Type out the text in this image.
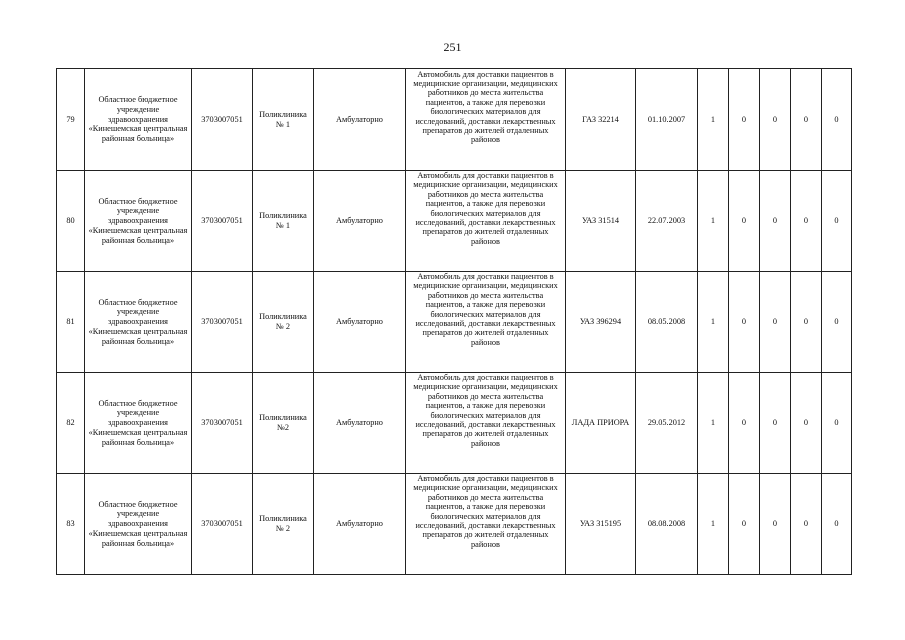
251
79	Областное бюджетное учреждение здравоохранения «Кинешемская центральная районная больница»	3703007051	Поликлиника № 1	Амбулаторно	Автомобиль для доставки пациентов в медицинские организации, медицинских работников до места жительства пациентов, а также для перевозки биологических материалов для исследований, доставки лекарственных препаратов до жителей отдаленных районов	ГАЗ 32214	01.10.2007	1	0	0	0	0
80	Областное бюджетное учреждение здравоохранения «Кинешемская центральная районная больница»	3703007051	Поликлиника № 1	Амбулаторно	Автомобиль для доставки пациентов в медицинские организации, медицинских работников до места жительства пациентов, а также для перевозки биологических материалов для исследований, доставки лекарственных препаратов до жителей отдаленных районов	УАЗ 31514	22.07.2003	1	0	0	0	0
81	Областное бюджетное учреждение здравоохранения «Кинешемская центральная районная больница»	3703007051	Поликлиника № 2	Амбулаторно	Автомобиль для доставки пациентов в медицинские организации, медицинских работников до места жительства пациентов, а также для перевозки биологических материалов для исследований, доставки лекарственных препаратов до жителей отдаленных районов	УАЗ 396294	08.05.2008	1	0	0	0	0
82	Областное бюджетное учреждение здравоохранения «Кинешемская центральная районная больница»	3703007051	Поликлиника №2	Амбулаторно	Автомобиль для доставки пациентов в медицинские организации, медицинских работников до места жительства пациентов, а также для перевозки биологических материалов для исследований, доставки лекарственных препаратов до жителей отдаленных районов	ЛАДА ПРИОРА	29.05.2012	1	0	0	0	0
83	Областное бюджетное учреждение здравоохранения «Кинешемская центральная районная больница»	3703007051	Поликлиника № 2	Амбулаторно	Автомобиль для доставки пациентов в медицинские организации, медицинских работников до места жительства пациентов, а также для перевозки биологических материалов для исследований, доставки лекарственных препаратов до жителей отдаленных районов	УАЗ 315195	08.08.2008	1	0	0	0	0
